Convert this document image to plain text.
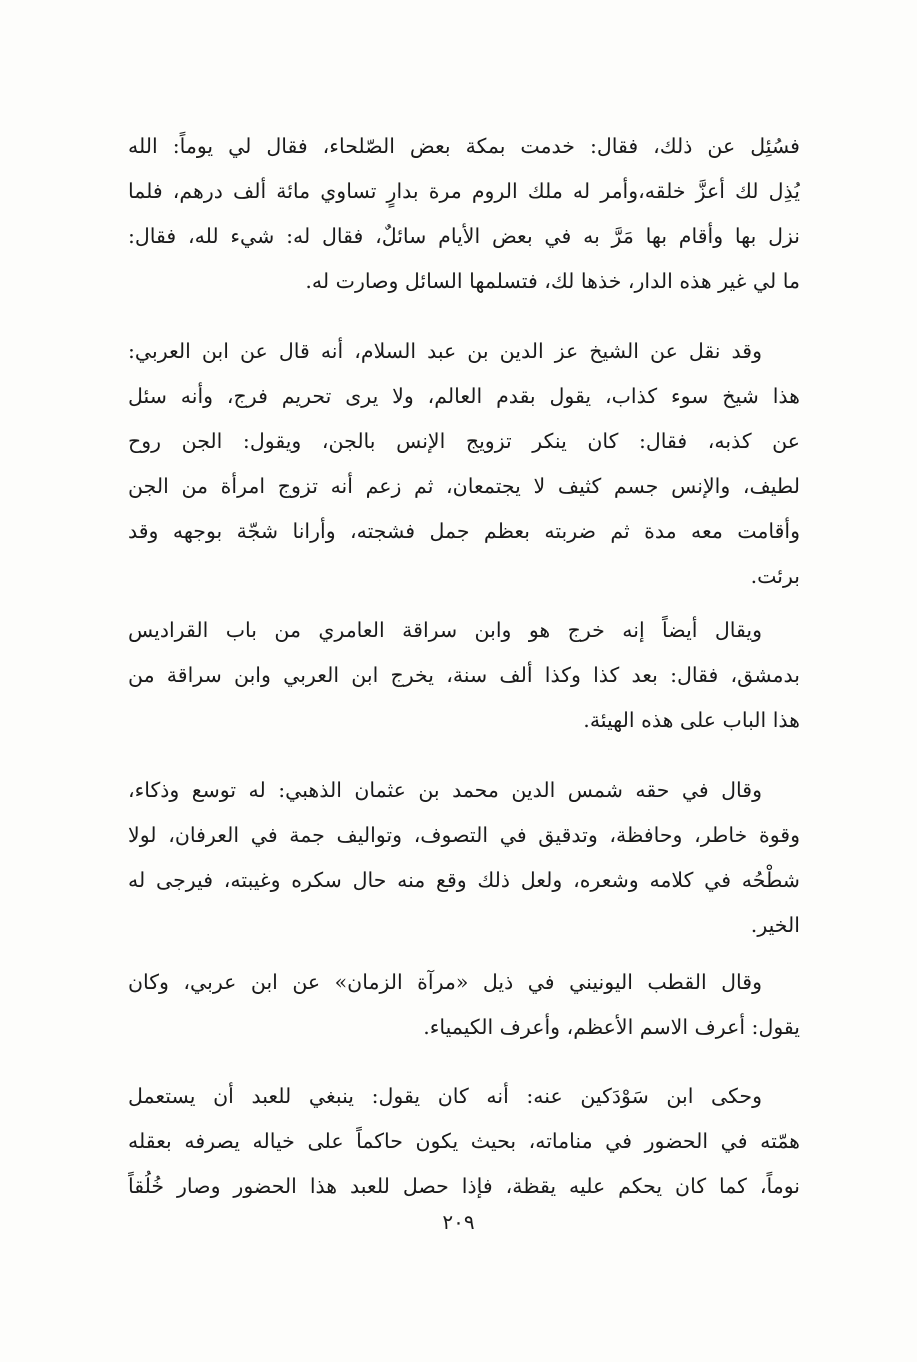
فسُئِل عن ذلك، فقال: خدمت بمكة بعض الصّلحاء، فقال لي يوماً: الله
يُذِل لك أعزَّ خلقه،وأمر له ملك الروم مرة بدارٍ تساوي مائة ألف درهم، فلما
نزل بها وأقام بها مَرَّ به في بعض الأيام سائلٌ، فقال له: شيء لله، فقال:
ما لي غير هذه الدار، خذها لك، فتسلمها السائل وصارت له.
وقد نقل عن الشيخ عز الدين بن عبد السلام، أنه قال عن ابن العربي:
هذا شيخ سوء كذاب، يقول بقدم العالم، ولا يرى تحريم فرج، وأنه سئل
عن كذبه، فقال: كان ينكر تزويج الإنس بالجن، ويقول: الجن روح
لطيف، والإنس جسم كثيف لا يجتمعان، ثم زعم أنه تزوج امرأة من الجن
وأقامت معه مدة ثم ضربته بعظم جمل فشجته، وأرانا شجّة بوجهه وقد
برئت.
ويقال أيضاً إنه خرج هو وابن سراقة العامري من باب القراديس
بدمشق، فقال: بعد كذا وكذا ألف سنة، يخرج ابن العربي وابن سراقة من
هذا الباب على هذه الهيئة.
وقال في حقه شمس الدين محمد بن عثمان الذهبي: له توسع وذكاء،
وقوة خاطر، وحافظة، وتدقيق في التصوف، وتواليف جمة في العرفان، لولا
شطْحُه في كلامه وشعره، ولعل ذلك وقع منه حال سكره وغيبته، فيرجى له
الخير.
وقال القطب اليونيني في ذيل «مرآة الزمان» عن ابن عربي، وكان
يقول: أعرف الاسم الأعظم، وأعرف الكيمياء.
وحكى ابن سَوْدَكين عنه: أنه كان يقول: ينبغي للعبد أن يستعمل
همّته في الحضور في مناماته، بحيث يكون حاكماً على خياله يصرفه بعقله
نوماً، كما كان يحكم عليه يقظة، فإذا حصل للعبد هذا الحضور وصار خُلُقاً
٢٠٩
